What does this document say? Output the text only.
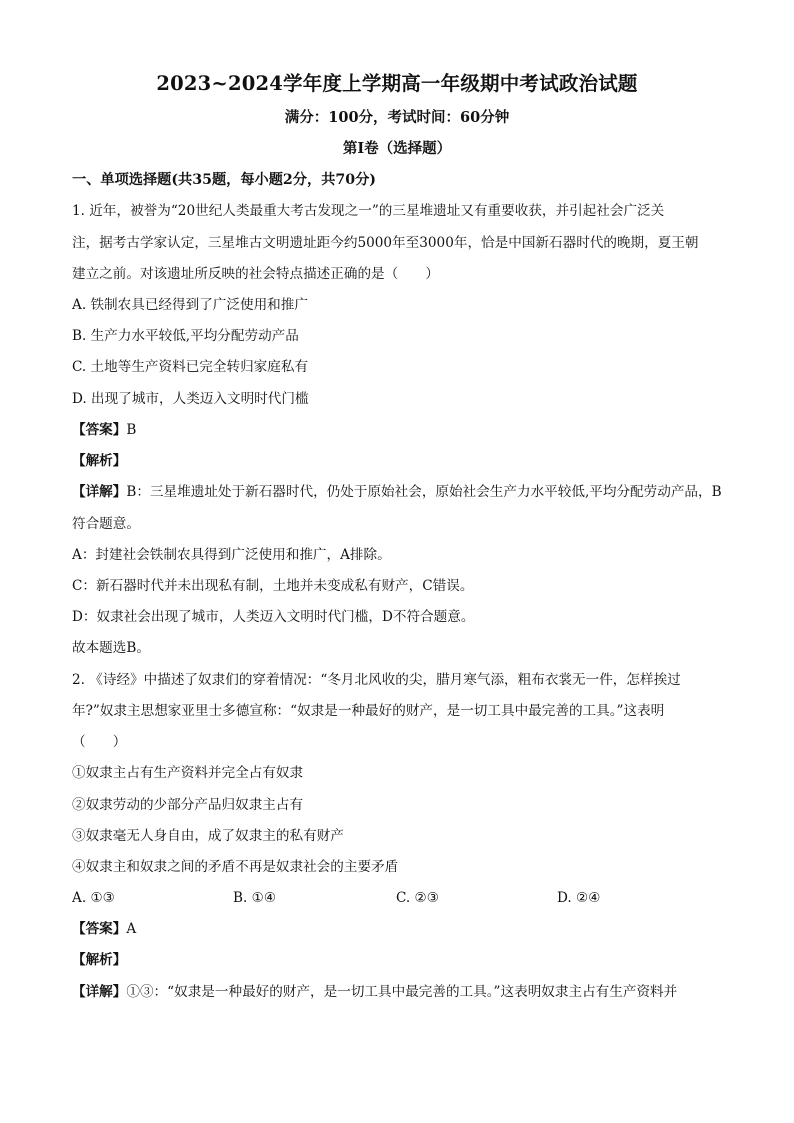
2023~2024学年度上学期高一年级期中考试政治试题
满分：100分，考试时间：60分钟
第I卷（选择题）
一、单项选择题(共35题，每小题2分，共70分)
1. 近年，被誉为“20世纪人类最重大考古发现之一”的三星堆遗址又有重要收获，并引起社会广泛关
注，据考古学家认定，三星堆古文明遗址距今约5000年至3000年，恰是中国新石器时代的晚期，夏王朝
建立之前。对该遗址所反映的社会特点描述正确的是（　　）
A. 铁制农具已经得到了广泛使用和推广
B. 生产力水平较低,平均分配劳动产品
C. 土地等生产资料已完全转归家庭私有
D. 出现了城市，人类迈入文明时代门槛
【答案】B
【解析】
【详解】B：三星堆遗址处于新石器时代，仍处于原始社会，原始社会生产力水平较低,平均分配劳动产品，B
符合题意。
A：封建社会铁制农具得到广泛使用和推广，A排除。
C：新石器时代并未出现私有制，土地并未变成私有财产，C错误。
D：奴隶社会出现了城市，人类迈入文明时代门槛，D不符合题意。
故本题选B。
2. 《诗经》中描述了奴隶们的穿着情况：“冬月北风收的尖，腊月寒气添，粗布衣裳无一件，怎样挨过
年?”奴隶主思想家亚里士多德宣称：“奴隶是一种最好的财产，是一切工具中最完善的工具。”这表明
（　　）
①奴隶主占有生产资料并完全占有奴隶
②奴隶劳动的少部分产品归奴隶主占有
③奴隶毫无人身自由，成了奴隶主的私有财产
④奴隶主和奴隶之间的矛盾不再是奴隶社会的主要矛盾
A. ①③	B. ①④	C. ②③	D. ②④
【答案】A
【解析】
【详解】①③：“奴隶是一种最好的财产，是一切工具中最完善的工具。”这表明奴隶主占有生产资料并
